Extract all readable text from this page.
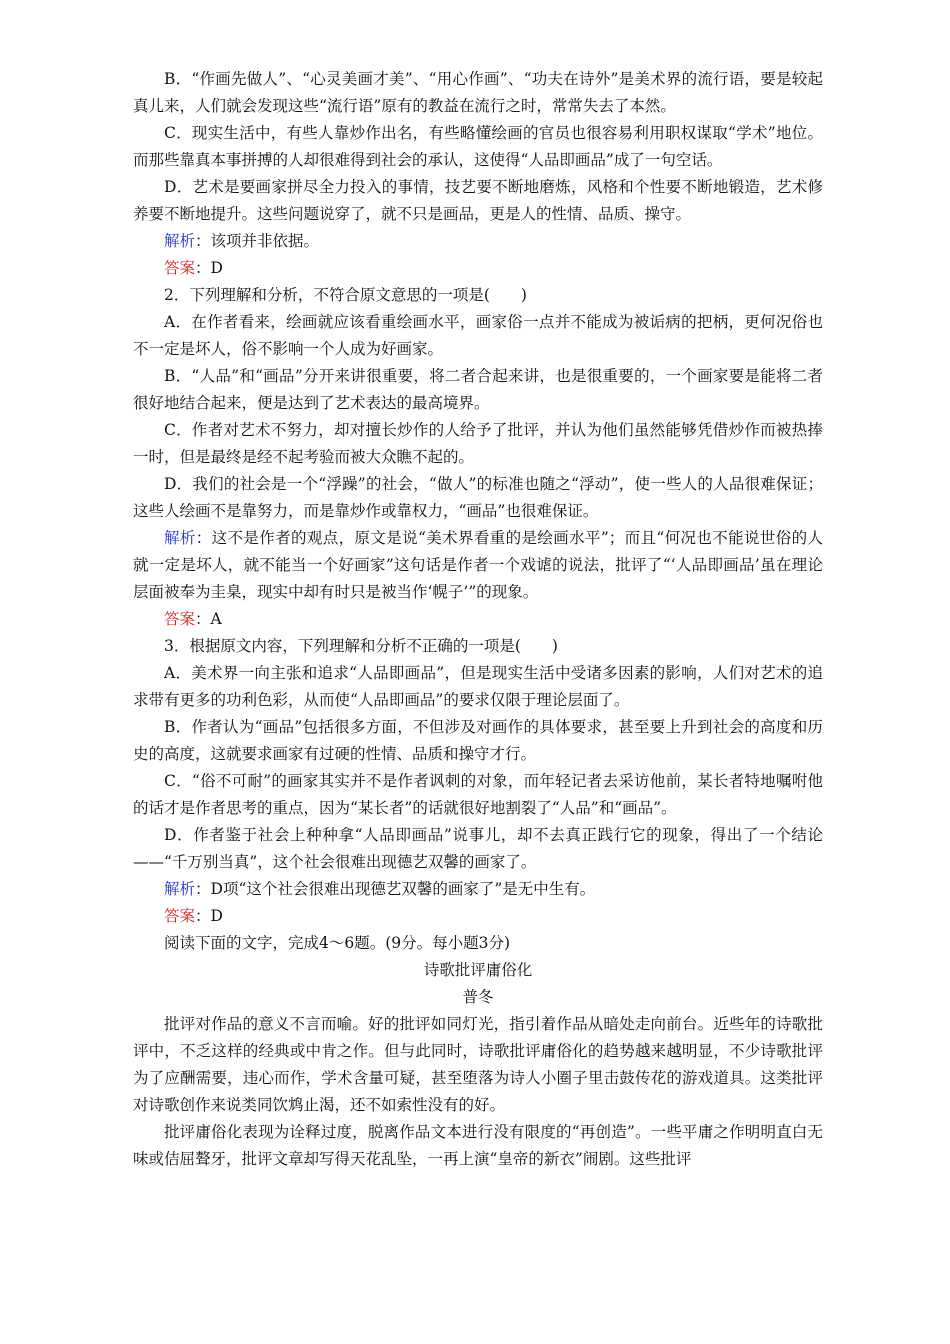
B．“作画先做人”、“心灵美画才美”、“用心作画”、“功夫在诗外”是美术界的流行语，要是较起真儿来，人们就会发现这些“流行语”原有的教益在流行之时，常常失去了本然。

C．现实生活中，有些人靠炒作出名，有些略懂绘画的官员也很容易利用职权谋取“学术”地位。而那些靠真本事拼搏的人却很难得到社会的承认，这使得“人品即画品”成了一句空话。

D．艺术是要画家拼尽全力投入的事情，技艺要不断地磨炼，风格和个性要不断地锻造，艺术修养要不断地提升。这些问题说穿了，就不只是画品，更是人的性情、品质、操守。

解析：该项并非依据。

答案：D

2．下列理解和分析，不符合原文意思的一项是(　　)

A．在作者看来，绘画就应该看重绘画水平，画家俗一点并不能成为被诟病的把柄，更何况俗也不一定是坏人，俗不影响一个人成为好画家。

B．“人品”和“画品”分开来讲很重要，将二者合起来讲，也是很重要的，一个画家要是能将二者很好地结合起来，便是达到了艺术表达的最高境界。

C．作者对艺术不努力，却对擅长炒作的人给予了批评，并认为他们虽然能够凭借炒作而被热捧一时，但是最终是经不起考验而被大众瞧不起的。

D．我们的社会是一个“浮躁”的社会，“做人”的标准也随之“浮动”，使一些人的人品很难保证；这些人绘画不是靠努力，而是靠炒作或靠权力，“画品”也很难保证。

解析：这不是作者的观点，原文是说“美术界看重的是绘画水平”；而且“何况也不能说世俗的人就一定是坏人，就不能当一个好画家”这句话是作者一个戏谑的说法，批评了“‘人品即画品’虽在理论层面被奉为圭臬，现实中却有时只是被当作‘幌子’”的现象。

答案：A

3．根据原文内容，下列理解和分析不正确的一项是(　　)

A．美术界一向主张和追求“人品即画品”，但是现实生活中受诸多因素的影响，人们对艺术的追求带有更多的功利色彩，从而使“人品即画品”的要求仅限于理论层面了。

B．作者认为“画品”包括很多方面，不但涉及对画作的具体要求，甚至要上升到社会的高度和历史的高度，这就要求画家有过硬的性情、品质和操守才行。

C．“俗不可耐”的画家其实并不是作者讽刺的对象，而年轻记者去采访他前，某长者特地嘱咐他的话才是作者思考的重点，因为“某长者”的话就很好地割裂了“人品”和“画品”。

D．作者鉴于社会上种种拿“人品即画品”说事儿，却不去真正践行它的现象，得出了一个结论——“千万别当真”，这个社会很难出现德艺双馨的画家了。

解析：D项“这个社会很难出现德艺双馨的画家了”是无中生有。

答案：D

阅读下面的文字，完成4～6题。(9分。每小题3分)

诗歌批评庸俗化

普冬

批评对作品的意义不言而喻。好的批评如同灯光，指引着作品从暗处走向前台。近些年的诗歌批评中，不乏这样的经典或中肯之作。但与此同时，诗歌批评庸俗化的趋势越来越明显，不少诗歌批评为了应酬需要，违心而作，学术含量可疑，甚至堕落为诗人小圈子里击鼓传花的游戏道具。这类批评对诗歌创作来说类同饮鸩止渴，还不如索性没有的好。

批评庸俗化表现为诠释过度，脱离作品文本进行没有限度的“再创造”。一些平庸之作明明直白无味或佶屈聱牙，批评文章却写得天花乱坠，一再上演“皇帝的新衣”闹剧。这些批评
